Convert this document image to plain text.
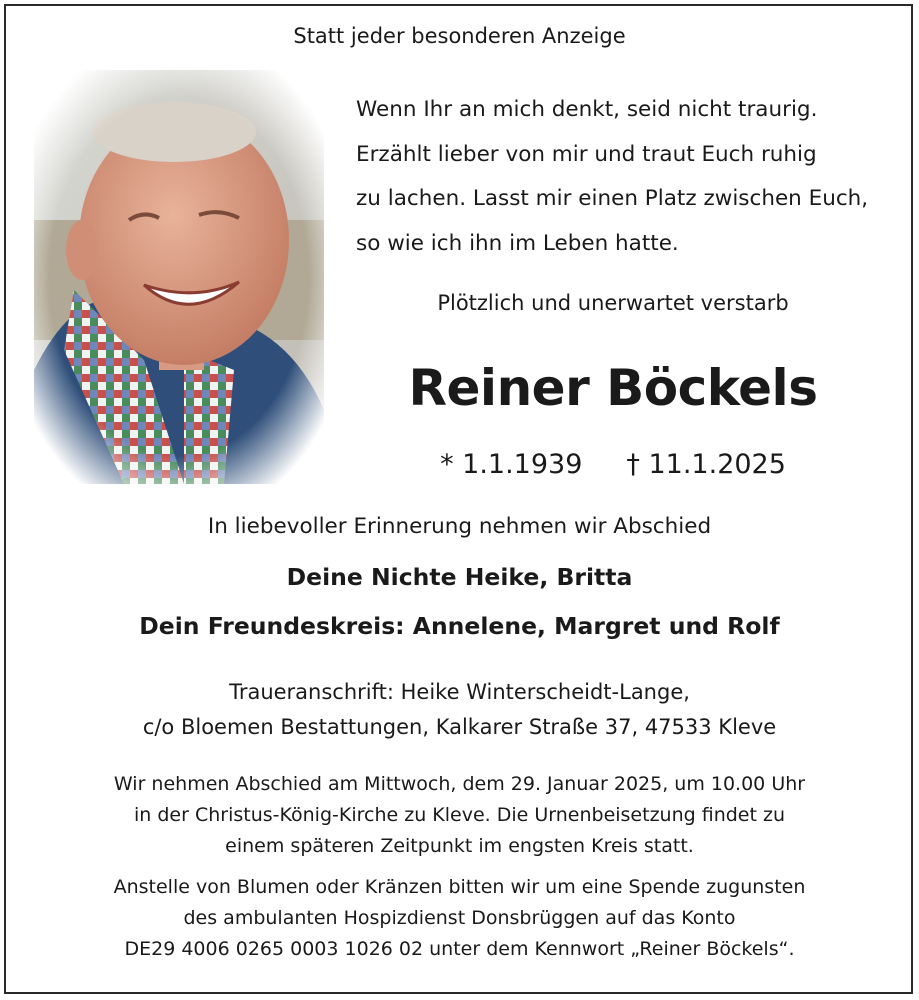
Statt jeder besonderen Anzeige
Wenn Ihr an mich denkt, seid nicht traurig.
Erzählt lieber von mir und traut Euch ruhig
zu lachen. Lasst mir einen Platz zwischen Euch,
so wie ich ihn im Leben hatte.
Plötzlich und unerwartet verstarb
Reiner Böckels
* 1.1.1939 † 11.1.2025
In liebevoller Erinnerung nehmen wir Abschied
Deine Nichte Heike, Britta
Dein Freundeskreis: Annelene, Margret und Rolf
Traueranschrift: Heike Winterscheidt-Lange,
c/o Bloemen Bestattungen, Kalkarer Straße 37, 47533 Kleve
Wir nehmen Abschied am Mittwoch, dem 29. Januar 2025, um 10.00 Uhr
in der Christus-König-Kirche zu Kleve. Die Urnenbeisetzung findet zu
einem späteren Zeitpunkt im engsten Kreis statt.
Anstelle von Blumen oder Kränzen bitten wir um eine Spende zugunsten
des ambulanten Hospizdienst Donsbrüggen auf das Konto
DE29 4006 0265 0003 1026 02 unter dem Kennwort „Reiner Böckels“.
